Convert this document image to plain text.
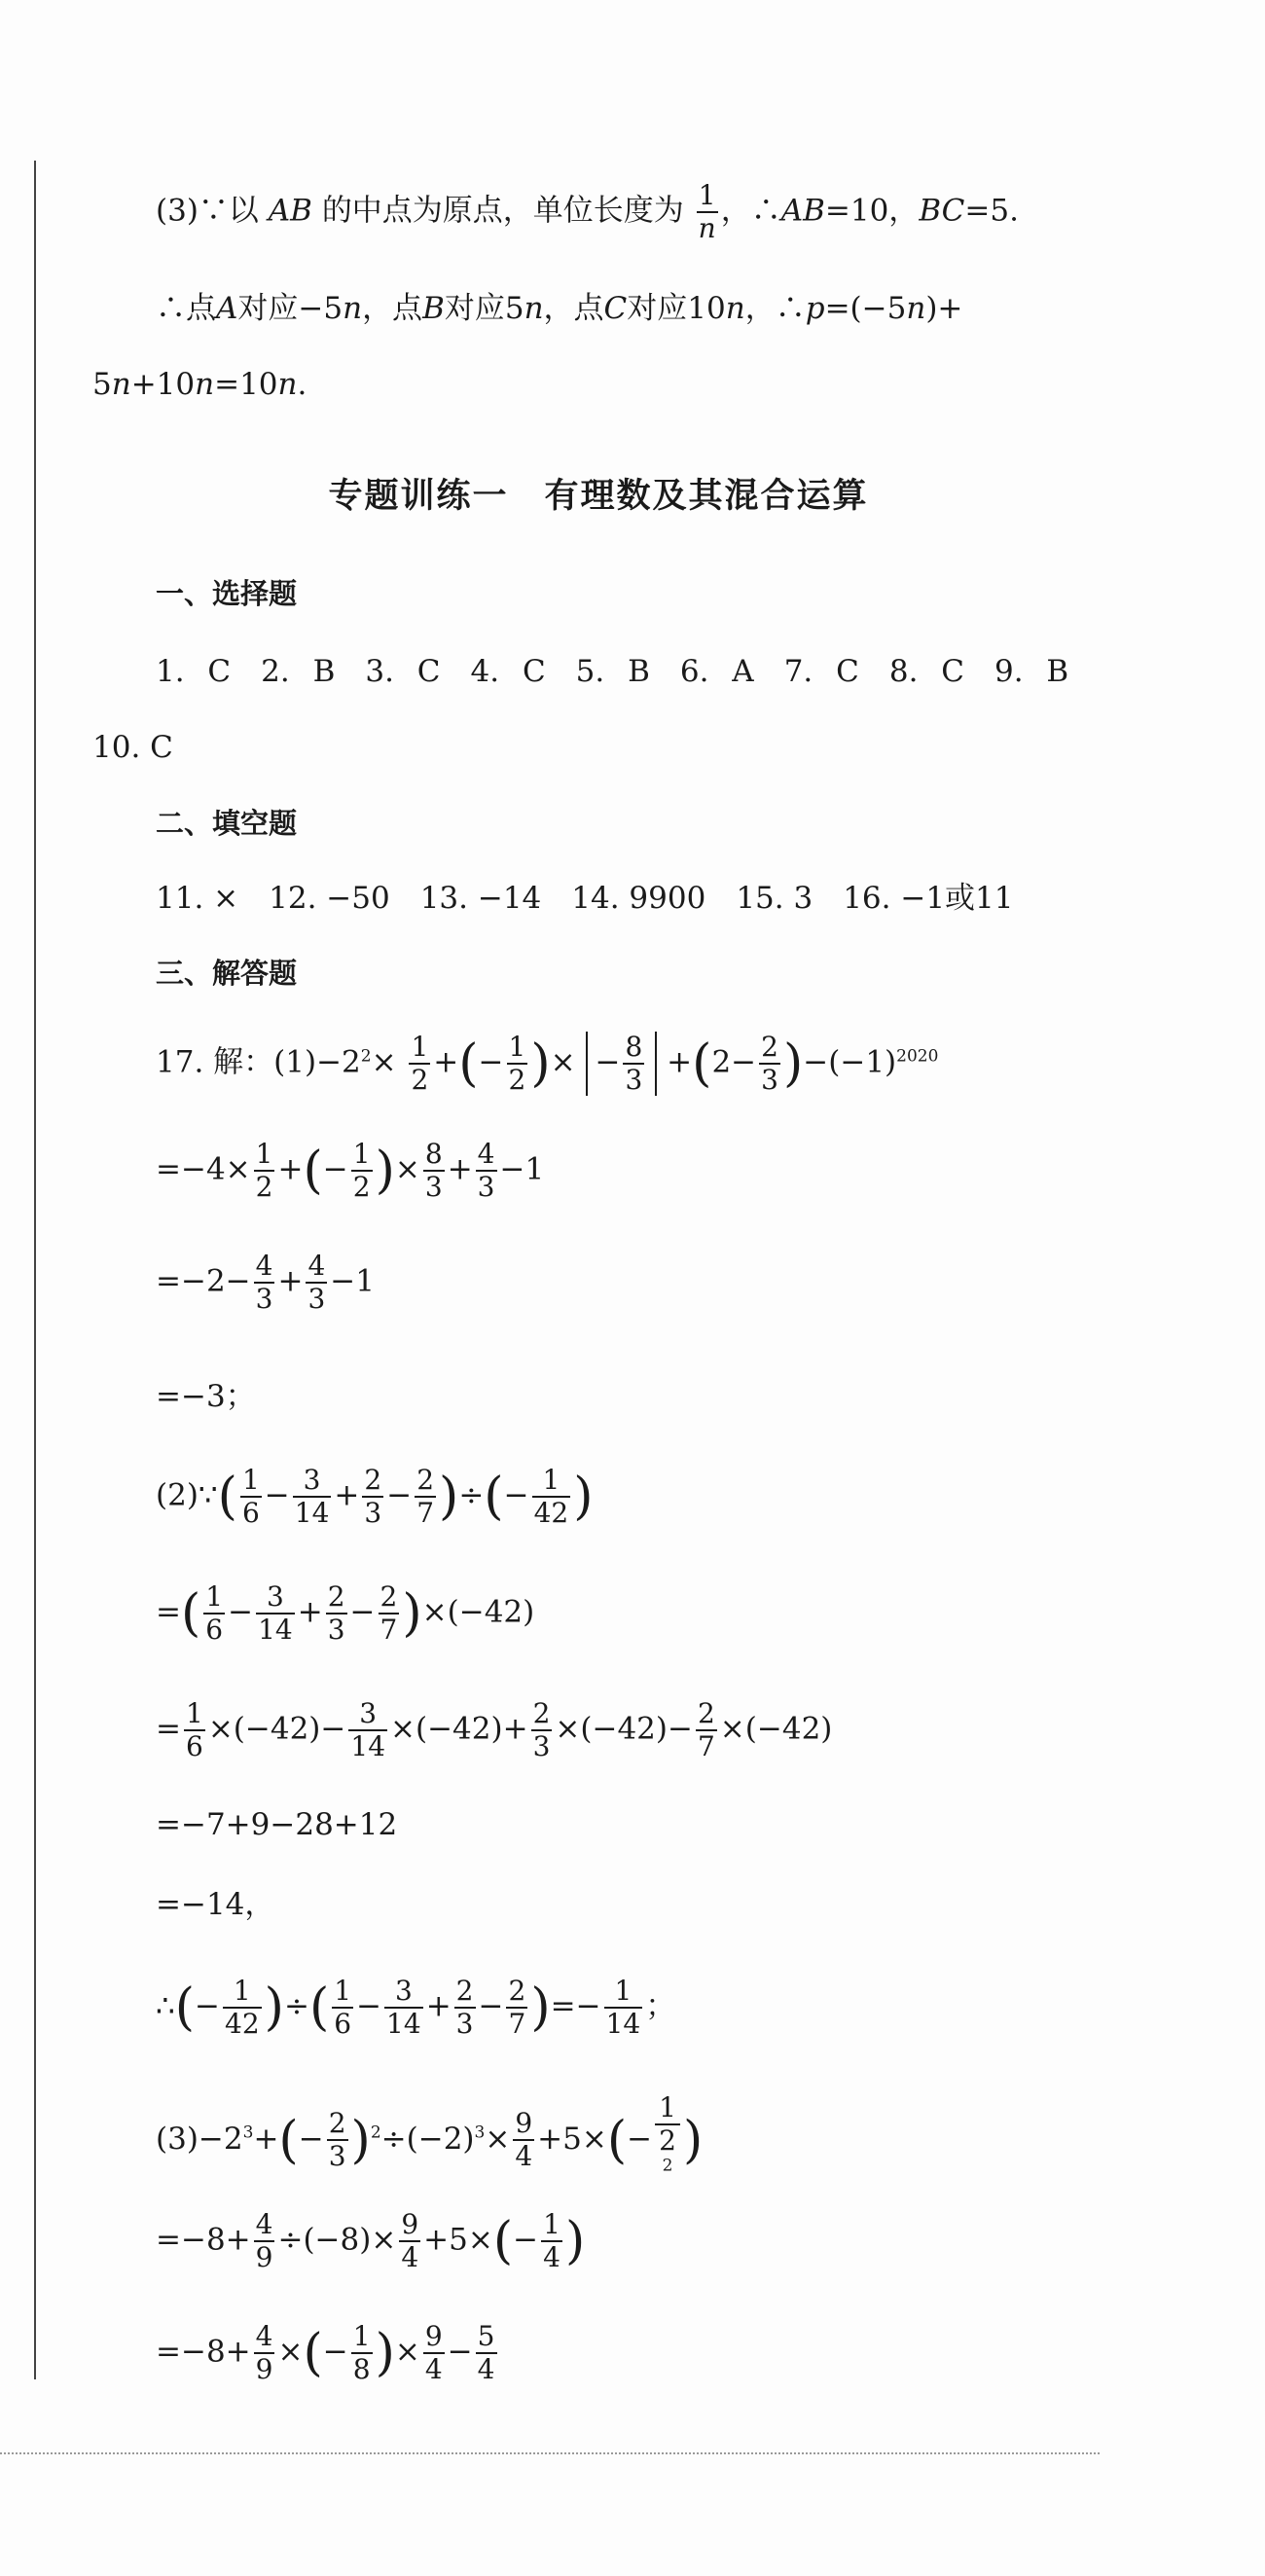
(3)∵以 AB 的中点为原点，单位长度为 $\frac{1}{n}$ ，∴AB=10，BC=5.
∴点A对应−5n，点B对应5n，点C对应10n，∴p=(−5n)+
5n+10n=10n.
专题训练一　有理数及其混合运算
一、选择题
1. C　2. B　3. C　4. C　5. B　6. A　7. C　8. C　9. B
10. C
二、填空题
11. ×　12. −50　13. −14　14. 9900　15. 3　16. −1或11
三、解答题
17. 解：$(1)-2^2\times \frac{1}{2}$ +(− $\frac{1}{2}$ )× − $\frac{8}{3} +(2- \frac{2}{3} )-(-1)^{2020}$
$=-4\times \frac{1}{2}$ +(− $\frac{1}{2}$ )× $\frac{8}{3} + \frac{4}{3} -1$
$=-2- \frac{4}{3} + \frac{4}{3} -1$
=−3；
(2)∵( $\frac{1}{6} - \frac{3}{14} + \frac{2}{3} - \frac{2}{7}$ )÷(− $\frac{1}{42}$ )
=( $\frac{1}{6} - \frac{3}{14} + \frac{2}{3} - \frac{2}{7} )\times(-42)$
= $\frac{1}{6} \times(-42)- \frac{3}{14} \times(-42)+ \frac{2}{3} \times(-42)- \frac{2}{7} \times(-42)$
=−7+9−28+12
=−14，
∴(− $\frac{1}{42}$ )÷( $\frac{1}{6} - \frac{3}{14} + \frac{2}{3} - \frac{2}{7}$ )=− $\frac{1}{14}$ ；
$(3)-2^3+(- \frac{2}{3} )^2\div(-2)^3\times \frac{9}{4} +5\times(- 1$
2
$^2$ )
$=-8+ \frac{4}{9} \div(-8)\times \frac{9}{4} +5\times(- \frac{1}{4}$ )
$=-8+ \frac{4}{9}$ ×(− $\frac{1}{8}$ )× $\frac{9}{4} - \frac{5}{4}$
